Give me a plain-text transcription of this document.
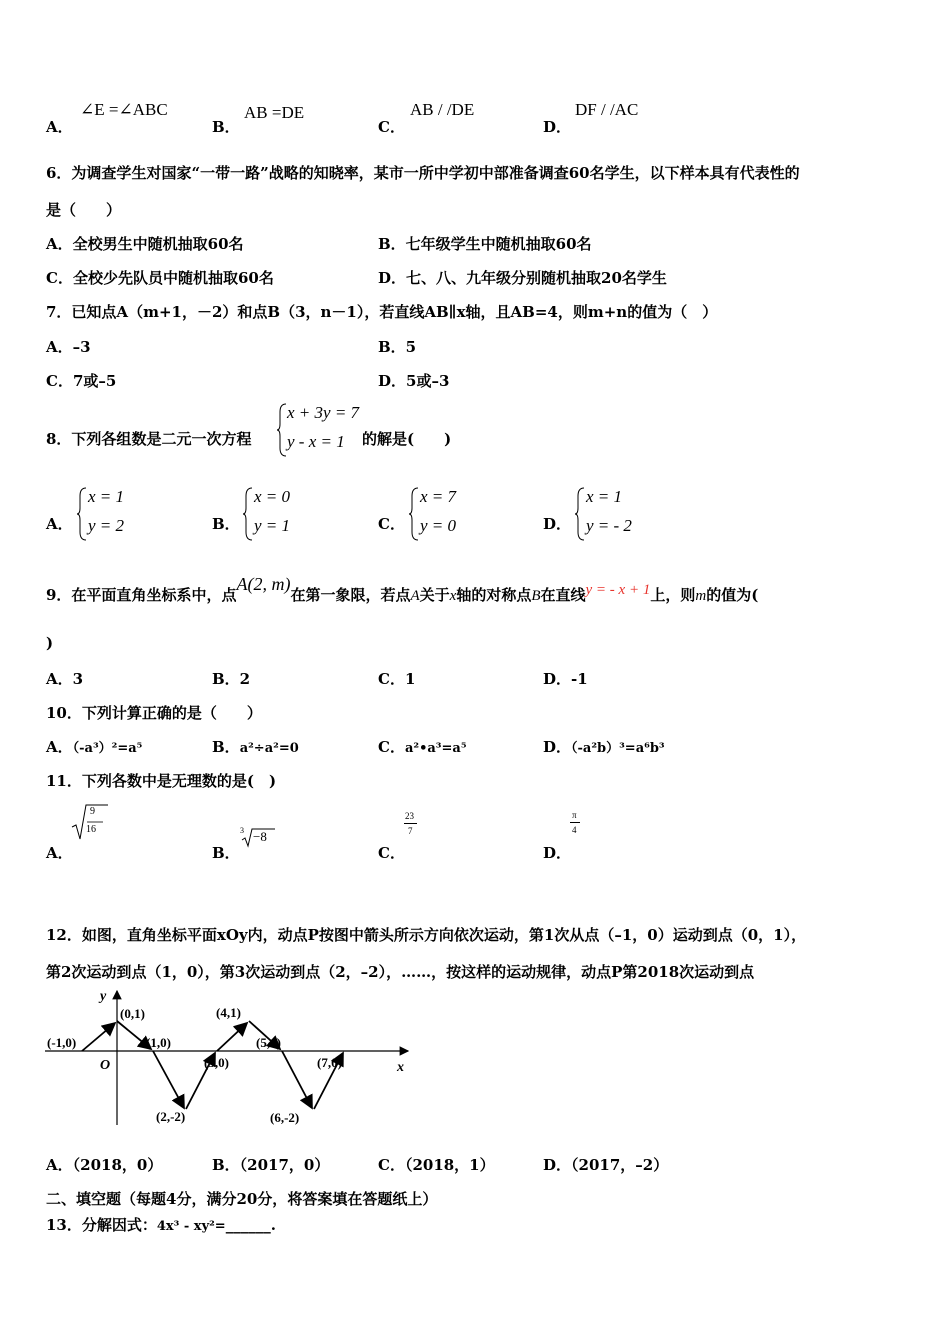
A．
∠E =∠ABC
B．
AB =DE
C．
AB / /DE
D．
DF / /AC
6．为调查学生对国家“一带一路”战略的知晓率，某市一所中学初中部准备调查60名学生，以下样本具有代表性的
是（　　）
A．全校男生中随机抽取60名	B．七年级学生中随机抽取60名
C．全校少先队员中随机抽取60名	D．七、八、九年级分别随机抽取20名学生
7．已知点A（m+1，－2）和点B（3，n－1），若直线AB∥x轴，且AB=4，则m+n的值为（　）
A．–3	B．5
C．7或–5	D．5或–3
8．下列各组数是二元一次方程
x + 3y = 7
y - x = 1 的解是(　　)
A．
x = 1
y = 2	B．
x = 0
y = 1	C．
x = 7
y = 0	D．
x = 1
y = - 2
9．在平面直角坐标系中，点A(2, m)在第一象限，若点A关于x轴的对称点B在直线y = - x + 1上，则m的值为(
)
A．3	B．2	C．1	D．-1
10．下列计算正确的是（　　）
A．（-a³）²=a⁵	B．a²÷a²=0	C．a²•a³=a⁵	D．（-a²b）³=a⁶b³
11．下列各数中是无理数的是(　)
A．
9
16
B．
3 −8
C．
23
7
D．
π
4
12．如图，直角坐标平面xOy内，动点P按图中箭头所示方向依次运动，第1次从点（–1，0）运动到点（0，1），
第2次运动到点（1，0），第3次运动到点（2，–2），……，按这样的运动规律，动点P第2018次运动到点
y
x
O
(-1,0)
(0,1)
(1,0)
(2,-2)
(3,0)
(4,1)
(5,0)
(6,-2)
(7,0)
A．（2018，0）	B．（2017，0）	C．（2018，1）	D．（2017，–2）
二、填空题（每题4分，满分20分，将答案填在答题纸上）
13．分解因式：4x³ - xy²=______.
